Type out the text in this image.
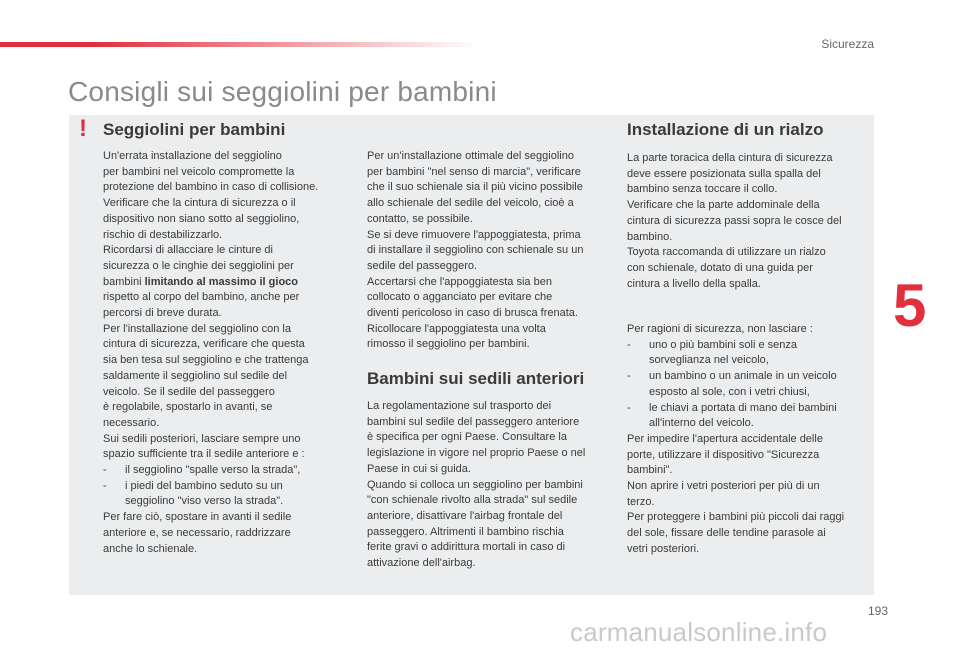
Sicurezza
5
Consigli sui seggiolini per bambini
! Seggiolini per bambini

Un'errata installazione del seggiolino

per bambini nel veicolo compromette la

protezione del bambino in caso di collisione.

Verificare che la cintura di sicurezza o il

dispositivo non siano sotto al seggiolino,

rischio di destabilizzarlo.

Ricordarsi di allacciare le cinture di

sicurezza o le cinghie dei seggiolini per

bambini limitando al massimo il gioco

rispetto al corpo del bambino, anche per

percorsi di breve durata.

Per l'installazione del seggiolino con la

cintura di sicurezza, verificare che questa

sia ben tesa sul seggiolino e che trattenga

saldamente il seggiolino sul sedile del

veicolo. Se il sedile del passeggero

è regolabile, spostarlo in avanti, se

necessario.

Sui sedili posteriori, lasciare sempre uno

spazio sufficiente tra il sedile anteriore e :

-	il seggiolino "spalle verso la strada",
-	i piedi del bambino seduto su un

seggiolino "viso verso la strada".

Per fare ciò, spostare in avanti il sedile

anteriore e, se necessario, raddrizzare

anche lo schienale.

Per un'installazione ottimale del seggiolino

per bambini "nel senso di marcia", verificare

che il suo schienale sia il più vicino possibile

allo schienale del sedile del veicolo, cioè a

contatto, se possibile.

Se si deve rimuovere l'appoggiatesta, prima

di installare il seggiolino con schienale su un

sedile del passeggero.

Accertarsi che l'appoggiatesta sia ben

collocato o agganciato per evitare che

diventi pericoloso in caso di brusca frenata.

Ricollocare l'appoggiatesta una volta

rimosso il seggiolino per bambini.

Bambini sui sedili anteriori

La regolamentazione sul trasporto dei

bambini sul sedile del passeggero anteriore

è specifica per ogni Paese. Consultare la

legislazione in vigore nel proprio Paese o nel

Paese in cui si guida.

Quando si colloca un seggiolino per bambini

"con schienale rivolto alla strada" sul sedile

anteriore, disattivare l'airbag frontale del

passeggero. Altrimenti il bambino rischia

ferite gravi o addirittura mortali in caso di

attivazione dell'airbag.

Installazione di un rialzo

La parte toracica della cintura di sicurezza

deve essere posizionata sulla spalla del

bambino senza toccare il collo.

Verificare che la parte addominale della

cintura di sicurezza passi sopra le cosce del

bambino.

Toyota raccomanda di utilizzare un rialzo

con schienale, dotato di una guida per

cintura a livello della spalla.

Per ragioni di sicurezza, non lasciare :

-	uno o più bambini soli e senza

sorveglianza nel veicolo,

-	un bambino o un animale in un veicolo

esposto al sole, con i vetri chiusi,

-	le chiavi a portata di mano dei bambini

all'interno del veicolo.

Per impedire l'apertura accidentale delle

porte, utilizzare il dispositivo "Sicurezza

bambini".

Non aprire i vetri posteriori per più di un

terzo.

Per proteggere i bambini più piccoli dai raggi

del sole, fissare delle tendine parasole ai

vetri posteriori.

193
carmanualsonline.info
